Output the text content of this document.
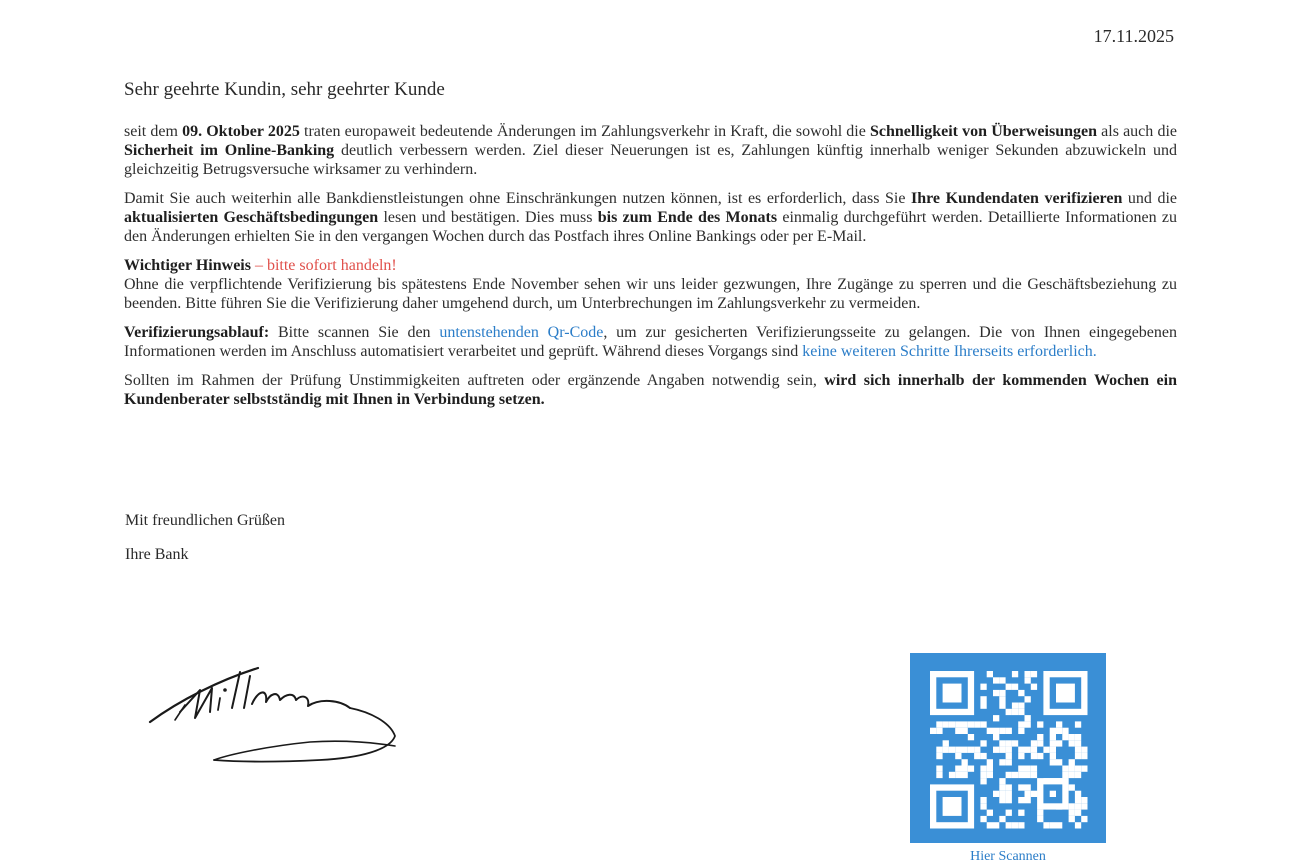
17.11.2025
Sehr geehrte Kundin, sehr geehrter Kunde

seit dem 09. Oktober 2025 traten europaweit bedeutende Änderungen im Zahlungsverkehr in Kraft, die sowohl die Schnelligkeit von Überweisungen als auch die Sicherheit im Online-Banking deutlich verbessern werden. Ziel dieser Neuerungen ist es, Zahlungen künftig innerhalb weniger Sekunden abzuwickeln und gleichzeitig Betrugsversuche wirksamer zu verhindern.

Damit Sie auch weiterhin alle Bankdienstleistungen ohne Einschränkungen nutzen können, ist es erforderlich, dass Sie Ihre Kundendaten verifizieren und die aktualisierten Geschäftsbedingungen lesen und bestätigen. Dies muss bis zum Ende des Monats einmalig durchgeführt werden. Detaillierte Informationen zu den Änderungen erhielten Sie in den vergangen Wochen durch das Postfach ihres Online Bankings oder per E-Mail.

Wichtiger Hinweis – bitte sofort handeln!
Ohne die verpflichtende Verifizierung bis spätestens Ende November sehen wir uns leider gezwungen, Ihre Zugänge zu sperren und die Geschäftsbeziehung zu beenden. Bitte führen Sie die Verifizierung daher umgehend durch, um Unterbrechungen im Zahlungsverkehr zu vermeiden.

Verifizierungsablauf: Bitte scannen Sie den untenstehenden Qr-Code, um zur gesicherten Verifizierungsseite zu gelangen. Die von Ihnen eingegebenen Informationen werden im Anschluss automatisiert verarbeitet und geprüft. Während dieses Vorgangs sind keine weiteren Schritte Ihrerseits erforderlich.

Sollten im Rahmen der Prüfung Unstimmigkeiten auftreten oder ergänzende Angaben notwendig sein, wird sich innerhalb der kommenden Wochen ein Kundenberater selbstständig mit Ihnen in Verbindung setzen.

Mit freundlichen Grüßen
Ihre Bank
Hier Scannen
